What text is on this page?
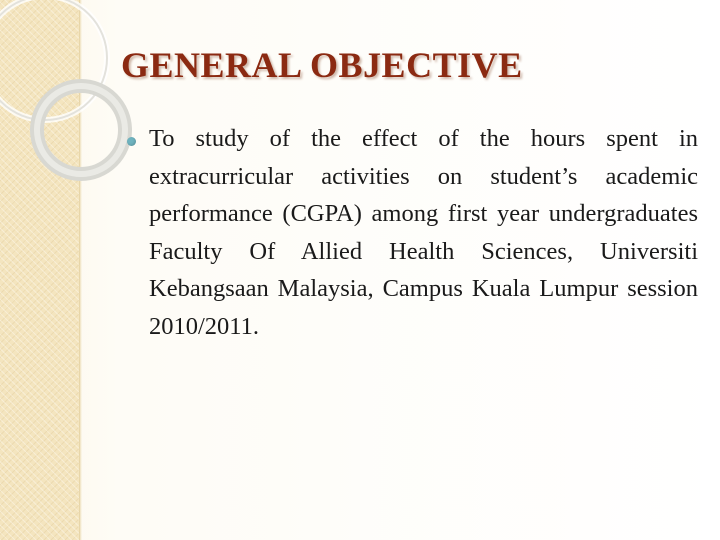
GENERAL OBJECTIVE

To study of the effect of the hours spent in extracurricular activities on student’s academic performance (CGPA) among first year undergraduates Faculty Of Allied Health Sciences, Universiti Kebangsaan Malaysia, Campus Kuala Lumpur session 2010/2011.
